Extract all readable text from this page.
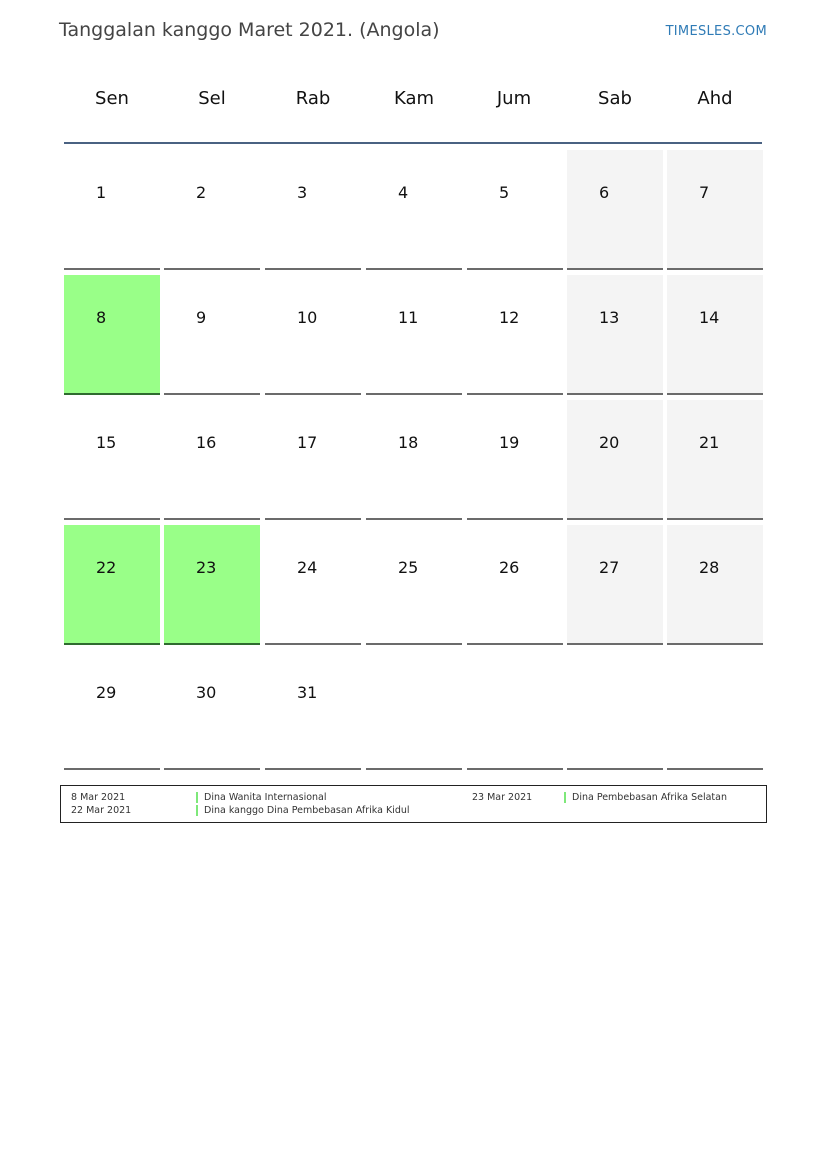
Tanggalan kanggo Maret 2021. (Angola)	TIMESLES.COM
Sen	Sel	Rab	Kam	Jum	Sab	Ahd
1	2	3	4	5	6	7
8	9	10	11	12	13	14
15	16	17	18	19	20	21
22	23	24	25	26	27	28
29	30	31
8 Mar 2021	Dina Wanita Internasional
22 Mar 2021	Dina kanggo Dina Pembebasan Afrika Kidul
23 Mar 2021	Dina Pembebasan Afrika Selatan
